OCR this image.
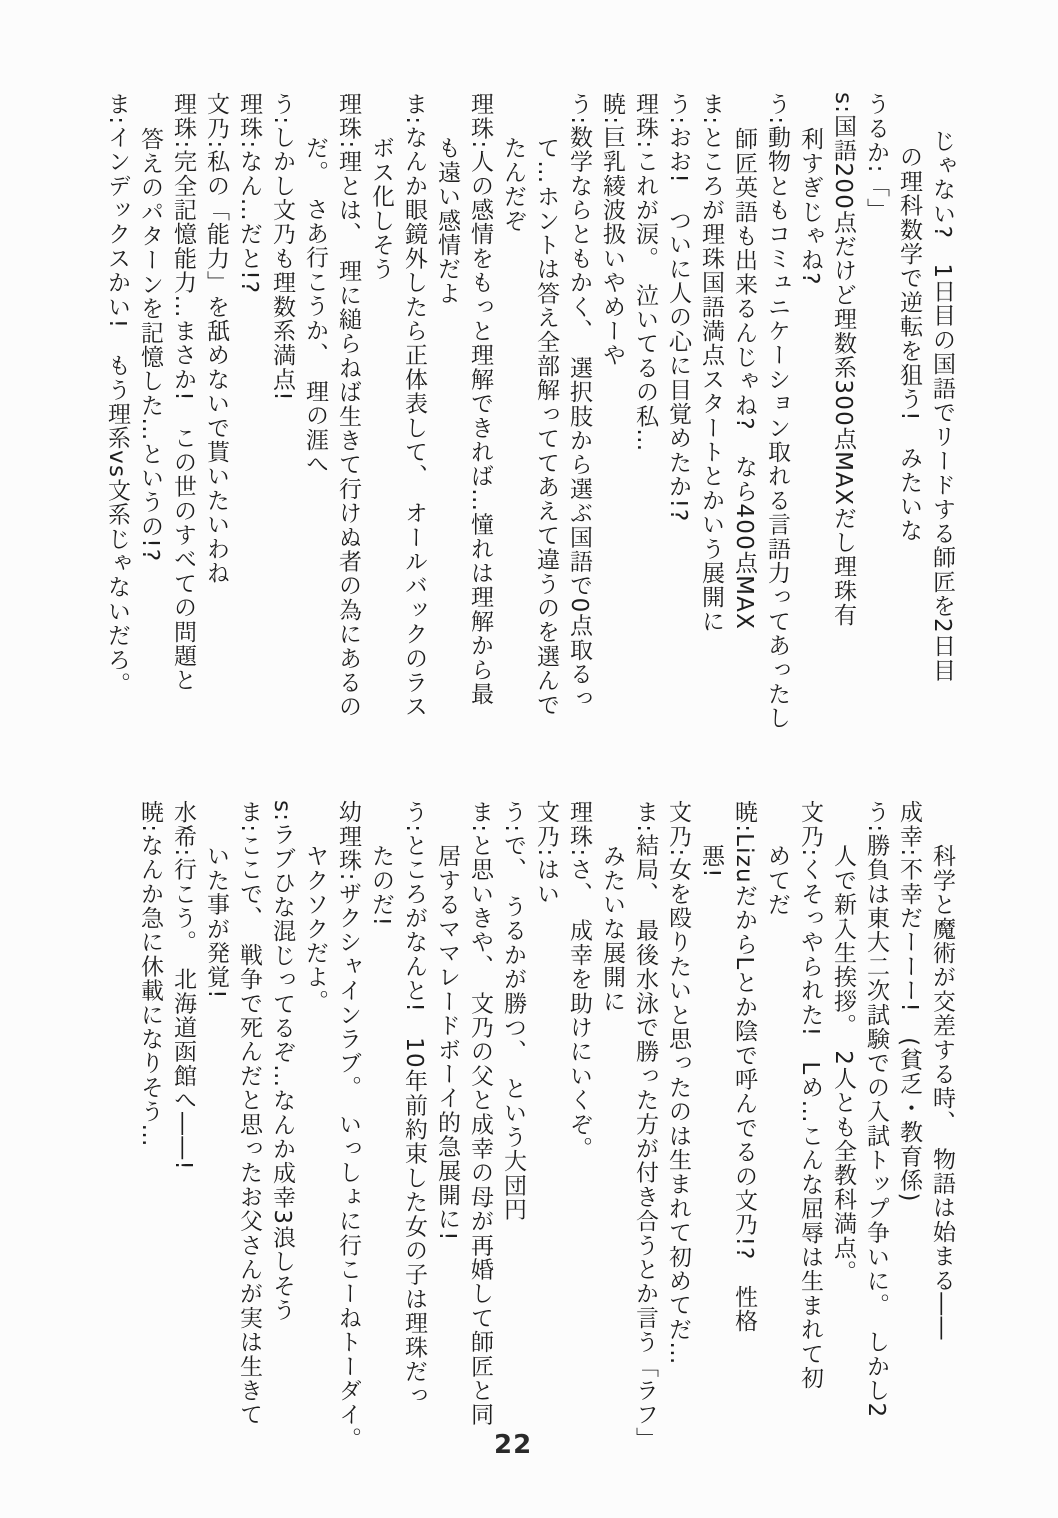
じゃない?　1日目の国語でリードする師匠を2日目
の理科数学で逆転を狙う!　みたいな
うるか:「」
s:国語200点だけど理数系300点MAXだし理珠有
利すぎじゃね?
う:動物ともコミュニケーション取れる言語力ってあったし
師匠英語も出来るんじゃね?　なら400点MAX
ま:ところが理珠国語満点スタートとかいう展開に
う:おお!　ついに人の心に目覚めたか!?
理珠:これが涙。　泣いてるの私…
暁:巨乳綾波扱いやめーや
う:数学ならともかく、　選択肢から選ぶ国語で0点取るっ
て…ホントは答え全部解っててあえて違うのを選んで
たんだぞ
理珠:人の感情をもっと理解できれば…憧れは理解から最
も遠い感情だよ
ま:なんか眼鏡外したら正体表して、　オールバックのラス
ボス化しそう
理珠:理とは、　理に縋らねば生きて行けぬ者の為にあるの
だ。　さあ行こうか、　理の涯へ
う:しかし文乃も理数系満点!
理珠:なん…だと!?
文乃:私の「能力」を舐めないで貰いたいわね
理珠:完全記憶能力…まさか!　この世のすべての問題と
答えのパターンを記憶した…というの!?
ま:インデックスかい!　もう理系vs文系じゃないだろ。
科学と魔術が交差する時、　物語は始まる――
成幸:不幸だーーー!　(貧乏・教育係)
う:勝負は東大二次試験での入試トップ争いに。　しかし2
人で新入生挨拶。　2人とも全教科満点。
文乃:くそっやられた!　Lめ…こんな屈辱は生まれて初
めてだ
暁:LizuだからLとか陰で呼んでるの文乃!?　性格
悪!
文乃:女を殴りたいと思ったのは生まれて初めてだ…
ま:結局、　最後水泳で勝った方が付き合うとか言う「ラフ」
みたいな展開に
理珠:さ、　成幸を助けにいくぞ。
文乃:はい
う:で、　うるかが勝つ、　という大団円
ま:と思いきや、　文乃の父と成幸の母が再婚して師匠と同
居するママレードボーイ的急展開に!
う:ところがなんと!　10年前約束した女の子は理珠だっ
たのだ!
幼理珠:ザクシャインラブ。　いっしょに行こーねトーダイ。
ヤクソクだよ。
s:ラブひな混じってるぞ…なんか成幸3浪しそう
ま:ここで、　戦争で死んだと思ったお父さんが実は生きて
いた事が発覚!
水希:行こう。　北海道函館へ――!
暁:なんか急に休載になりそう…
22
